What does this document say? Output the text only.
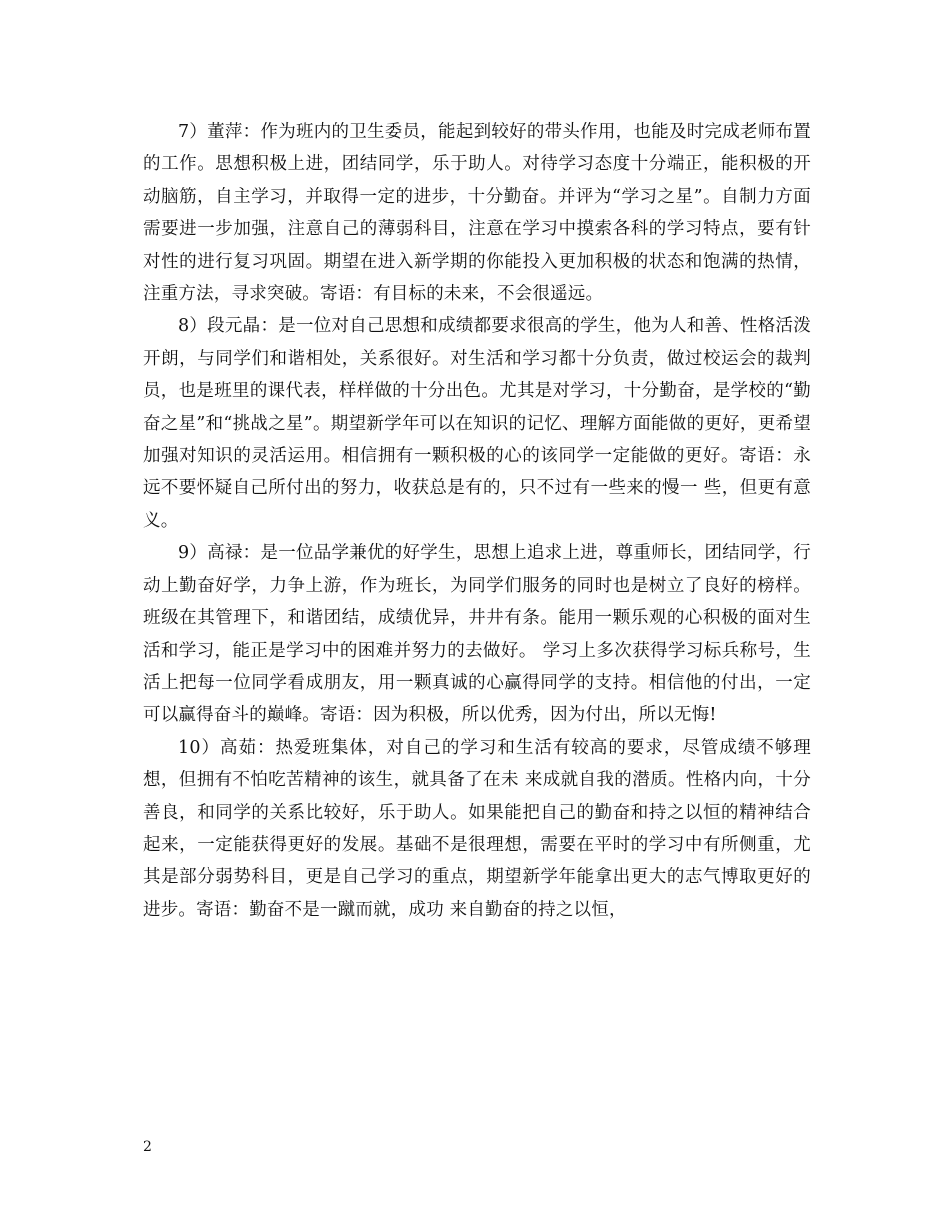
7）董萍：作为班内的卫生委员，能起到较好的带头作用，也能及时完成老师布置的工作。思想积极上进，团结同学，乐于助人。对待学习态度十分端正，能积极的开动脑筋，自主学习，并取得一定的进步，十分勤奋。并评为“学习之星”。自制力方面需要进一步加强，注意自己的薄弱科目，注意在学习中摸索各科的学习特点，要有针对性的进行复习巩固。期望在进入新学期的你能投入更加积极的状态和饱满的热情，注重方法，寻求突破。寄语：有目标的未来，不会很遥远。

8）段元晶：是一位对自己思想和成绩都要求很高的学生，他为人和善、性格活泼开朗，与同学们和谐相处，关系很好。对生活和学习都十分负责，做过校运会的裁判员，也是班里的课代表，样样做的十分出色。尤其是对学习，十分勤奋，是学校的“勤奋之星”和“挑战之星”。期望新学年可以在知识的记忆、理解方面能做的更好，更希望加强对知识的灵活运用。相信拥有一颗积极的心的该同学一定能做的更好。寄语：永远不要怀疑自己所付出的努力，收获总是有的，只不过有一些来的慢一 些，但更有意义。

9）高禄：是一位品学兼优的好学生，思想上追求上进，尊重师长，团结同学，行动上勤奋好学，力争上游，作为班长，为同学们服务的同时也是树立了良好的榜样。班级在其管理下，和谐团结，成绩优异，井井有条。能用一颗乐观的心积极的面对生活和学习，能正是学习中的困难并努力的去做好。 学习上多次获得学习标兵称号，生活上把每一位同学看成朋友，用一颗真诚的心赢得同学的支持。相信他的付出，一定可以赢得奋斗的巅峰。寄语：因为积极，所以优秀，因为付出，所以无悔!

10）高茹：热爱班集体，对自己的学习和生活有较高的要求，尽管成绩不够理想，但拥有不怕吃苦精神的该生，就具备了在未 来成就自我的潜质。性格内向，十分善良，和同学的关系比较好，乐于助人。如果能把自己的勤奋和持之以恒的精神结合起来，一定能获得更好的发展。基础不是很理想，需要在平时的学习中有所侧重，尤其是部分弱势科目，更是自己学习的重点，期望新学年能拿出更大的志气博取更好的进步。寄语：勤奋不是一蹴而就，成功 来自勤奋的持之以恒，

2
